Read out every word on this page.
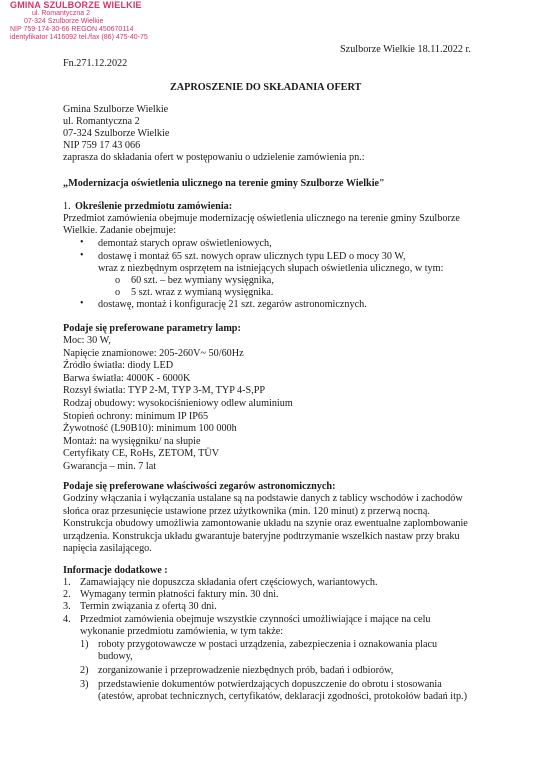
GMINA SZULBORZE WIELKIE
ul. Romantyczna 2
07-324 Szulborze Wielkie
NIP 759-174-30-66 REGON 450670114
identyfikator 1416092 tel./fax (86) 475-40-75
Szulborze Wielkie 18.11.2022 r.
Fn.271.12.2022
ZAPROSZENIE DO SKŁADANIA OFERT
Gmina Szulborze Wielkie
ul. Romantyczna 2
07-324 Szulborze Wielkie
NIP 759 17 43 066
zaprasza do składania ofert w postępowaniu o udzielenie zamówienia pn.:
„Modernizacja oświetlenia ulicznego na terenie gminy Szulborze Wielkie"
1. Określenie przedmiotu zamówienia:
Przedmiot zamówienia obejmuje modernizację oświetlenia ulicznego na terenie gminy Szulborze
Wielkie. Zadanie obejmuje:
• demontaż starych opraw oświetleniowych,
• dostawę i montaż 65 szt. nowych opraw ulicznych typu LED o mocy 30 W,
wraz z niezbędnym osprzętem na istniejących słupach oświetlenia ulicznego, w tym:
o 60 szt. – bez wymiany wysięgnika,
o 5 szt. wraz z wymianą wysięgnika.
• dostawę, montaż i konfigurację 21 szt. zegarów astronomicznych.
Podaje się preferowane parametry lamp:
Moc: 30 W,
Napięcie znamionowe: 205-260V~ 50/60Hz
Źródło światła: diody LED
Barwa światła: 4000K - 6000K
Rozsył światła: TYP 2-M, TYP 3-M, TYP 4-S,PP
Rodzaj obudowy: wysokociśnieniowy odlew aluminium
Stopień ochrony: minimum IP IP65
Żywotność (L90B10): minimum 100 000h
Montaż: na wysięgniku/ na słupie
Certyfikaty CE, RoHs, ZETOM, TÜV
Gwarancja – min. 7 lat
Podaje się preferowane właściwości zegarów astronomicznych:
Godziny włączania i wyłączania ustalane są na podstawie danych z tablicy wschodów i zachodów
słońca oraz przesunięcie ustawione przez użytkownika (min. 120 minut) z przerwą nocną.
Konstrukcja obudowy umożliwia zamontowanie układu na szynie oraz ewentualne zaplombowanie
urządzenia. Konstrukcja układu gwarantuje bateryjne podtrzymanie wszelkich nastaw przy braku
napięcia zasilającego.
Informacje dodatkowe :
1. Zamawiający nie dopuszcza składania ofert częściowych, wariantowych.
2. Wymagany termin płatności faktury min. 30 dni.
3. Termin związania z ofertą 30 dni.
4. Przedmiot zamówienia obejmuje wszystkie czynności umożliwiające i mające na celu
wykonanie przedmiotu zamówienia, w tym także:
1) roboty przygotowawcze w postaci urządzenia, zabezpieczenia i oznakowania placu
budowy,
2) zorganizowanie i przeprowadzenie niezbędnych prób, badań i odbiorów,
3) przedstawienie dokumentów potwierdzających dopuszczenie do obrotu i stosowania
(atestów, aprobat technicznych, certyfikatów, deklaracji zgodności, protokołów badań itp.)
